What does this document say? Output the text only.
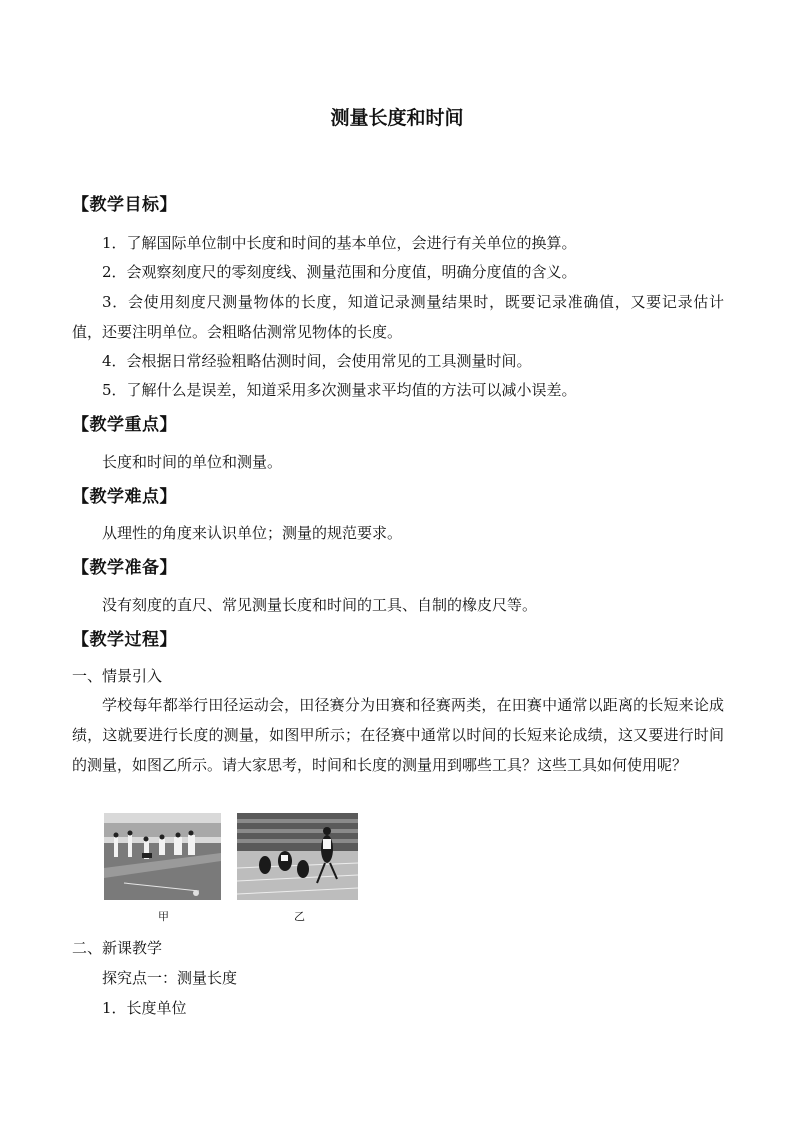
测量长度和时间
【教学目标】
1．了解国际单位制中长度和时间的基本单位，会进行有关单位的换算。
2．会观察刻度尺的零刻度线、测量范围和分度值，明确分度值的含义。
3．会使用刻度尺测量物体的长度，知道记录测量结果时，既要记录准确值，又要记录估计值，还要注明单位。会粗略估测常见物体的长度。
4．会根据日常经验粗略估测时间，会使用常见的工具测量时间。
5．了解什么是误差，知道采用多次测量求平均值的方法可以减小误差。
【教学重点】
长度和时间的单位和测量。
【教学难点】
从理性的角度来认识单位；测量的规范要求。
【教学准备】
没有刻度的直尺、常见测量长度和时间的工具、自制的橡皮尺等。
【教学过程】
一、情景引入
学校每年都举行田径运动会，田径赛分为田赛和径赛两类，在田赛中通常以距离的长短来论成绩，这就要进行长度的测量，如图甲所示；在径赛中通常以时间的长短来论成绩，这又要进行时间的测量，如图乙所示。请大家思考，时间和长度的测量用到哪些工具？这些工具如何使用呢？
甲	乙
二、新课教学
探究点一：测量长度
1．长度单位
